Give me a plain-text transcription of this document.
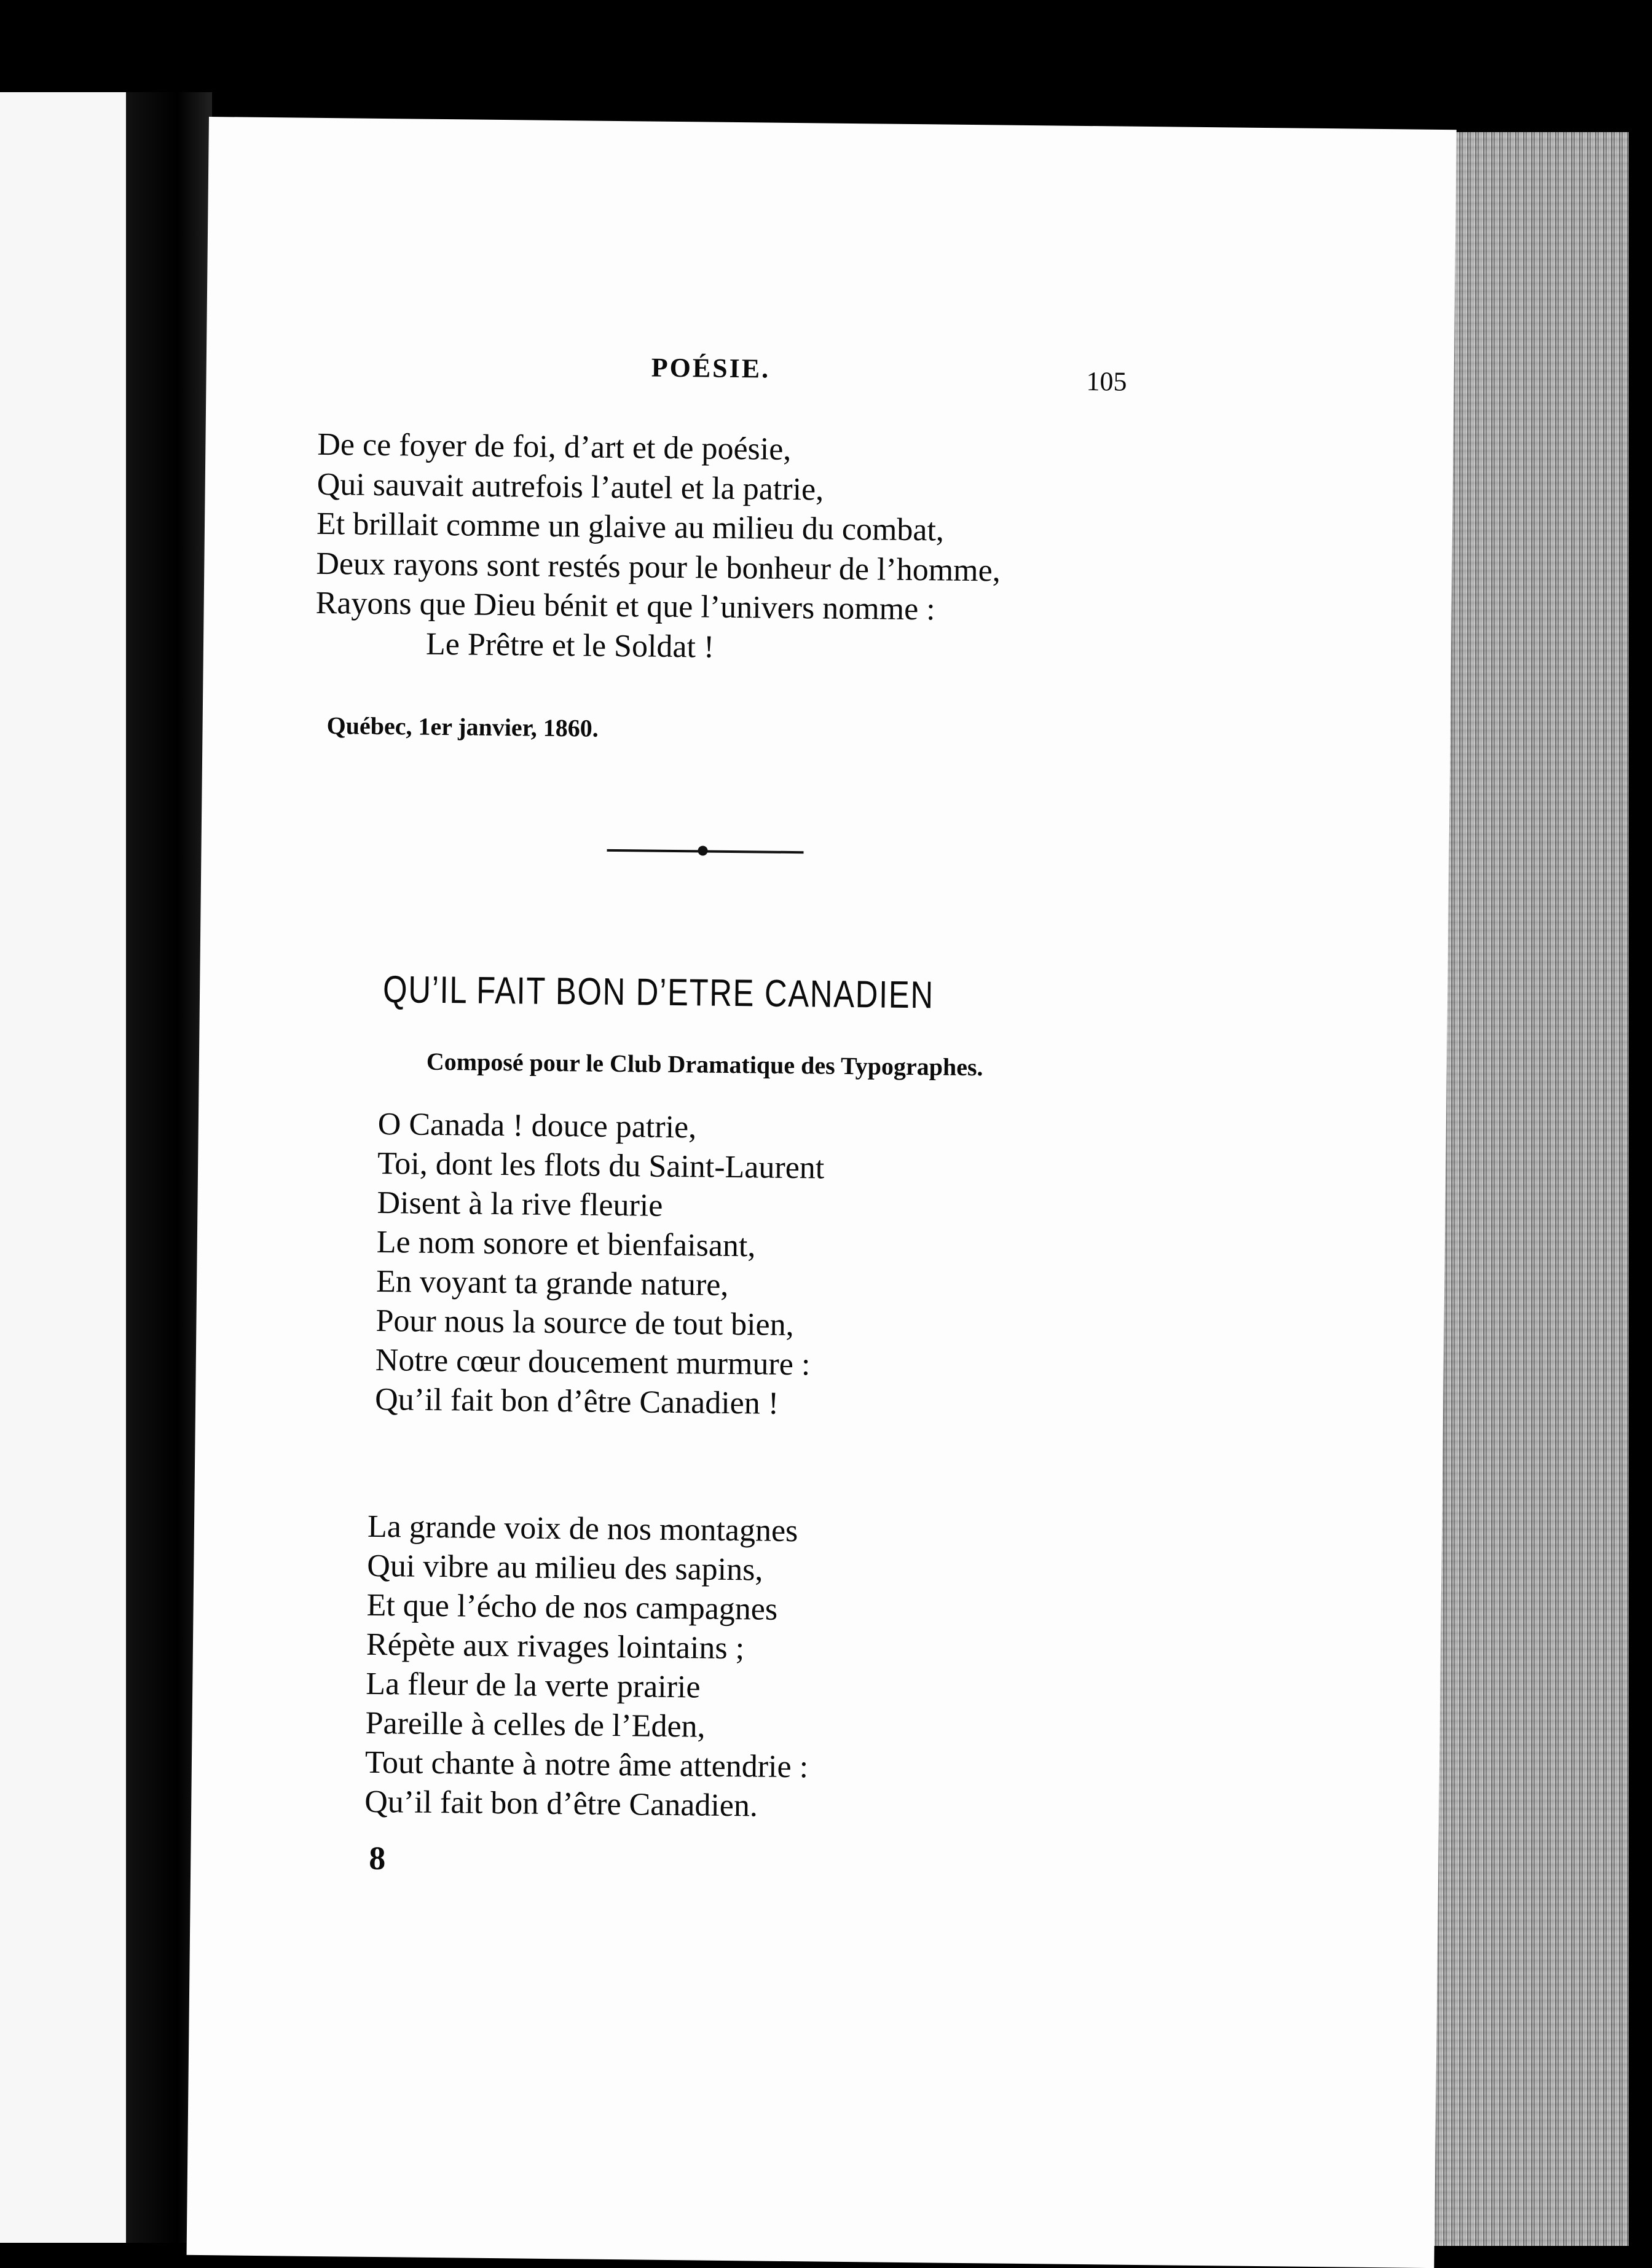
POÉSIE.	105
De ce foyer de foi, d’art et de poésie,
Qui sauvait autrefois l’autel et la patrie,
Et brillait comme un glaive au milieu du combat,
Deux rayons sont restés pour le bonheur de l’homme,
Rayons que Dieu bénit et que l’univers nomme :
Le Prêtre et le Soldat !
Québec, 1er janvier, 1860.
QU’IL FAIT BON D’ETRE CANADIEN
Composé pour le Club Dramatique des Typographes.
O Canada ! douce patrie,
Toi, dont les flots du Saint-Laurent
Disent à la rive fleurie
Le nom sonore et bienfaisant,
En voyant ta grande nature,
Pour nous la source de tout bien,
Notre cœur doucement murmure :
Qu’il fait bon d’être Canadien !
La grande voix de nos montagnes
Qui vibre au milieu des sapins,
Et que l’écho de nos campagnes
Répète aux rivages lointains ;
La fleur de la verte prairie
Pareille à celles de l’Eden,
Tout chante à notre âme attendrie :
Qu’il fait bon d’être Canadien.
8
